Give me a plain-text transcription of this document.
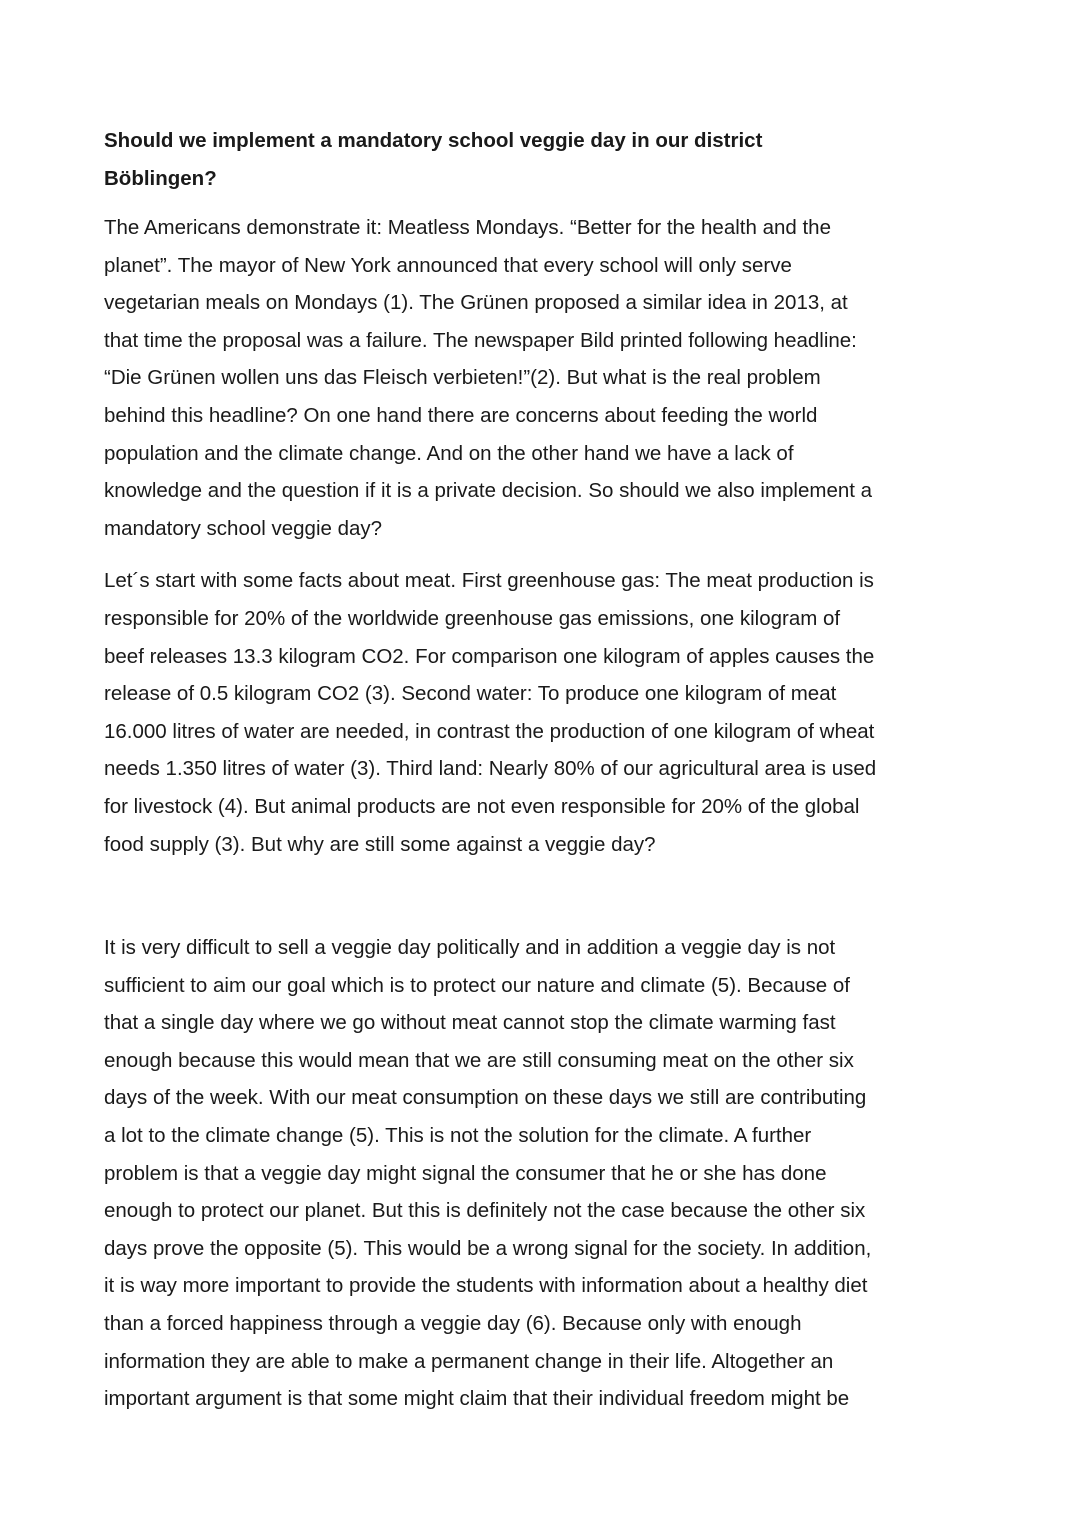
Should we implement a mandatory school veggie day in our district
Böblingen?

The Americans demonstrate it: Meatless Mondays. “Better for the health and the
planet”. The mayor of New York announced that every school will only serve
vegetarian meals on Mondays (1). The Grünen proposed a similar idea in 2013, at
that time the proposal was a failure. The newspaper Bild printed following headline:
“Die Grünen wollen uns das Fleisch verbieten!”(2). But what is the real problem
behind this headline? On one hand there are concerns about feeding the world
population and the climate change. And on the other hand we have a lack of
knowledge and the question if it is a private decision. So should we also implement a
mandatory school veggie day?

Let´s start with some facts about meat. First greenhouse gas: The meat production is
responsible for 20% of the worldwide greenhouse gas emissions, one kilogram of
beef releases 13.3 kilogram CO2. For comparison one kilogram of apples causes the
release of 0.5 kilogram CO2 (3). Second water: To produce one kilogram of meat
16.000 litres of water are needed, in contrast the production of one kilogram of wheat
needs 1.350 litres of water (3). Third land: Nearly 80% of our agricultural area is used
for livestock (4). But animal products are not even responsible for 20% of the global
food supply (3). But why are still some against a veggie day?

It is very difficult to sell a veggie day politically and in addition a veggie day is not
sufficient to aim our goal which is to protect our nature and climate (5). Because of
that a single day where we go without meat cannot stop the climate warming fast
enough because this would mean that we are still consuming meat on the other six
days of the week. With our meat consumption on these days we still are contributing
a lot to the climate change (5). This is not the solution for the climate. A further
problem is that a veggie day might signal the consumer that he or she has done
enough to protect our planet. But this is definitely not the case because the other six
days prove the opposite (5). This would be a wrong signal for the society. In addition,
it is way more important to provide the students with information about a healthy diet
than a forced happiness through a veggie day (6). Because only with enough
information they are able to make a permanent change in their life. Altogether an
important argument is that some might claim that their individual freedom might be
